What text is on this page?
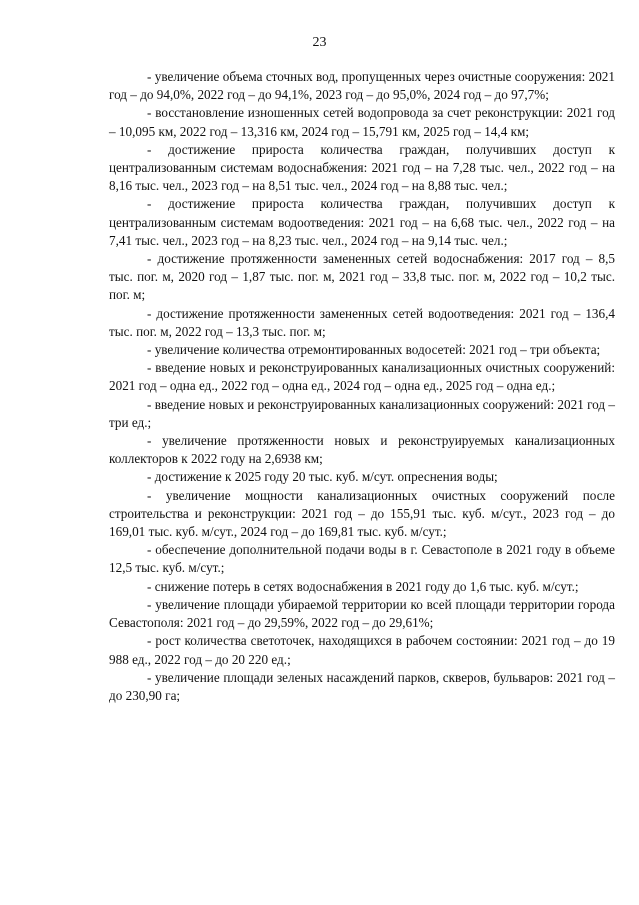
23

- увеличение объема сточных вод, пропущенных через очистные сооружения: 2021 год – до 94,0%, 2022 год – до 94,1%, 2023 год – до 95,0%, 2024 год – до 97,7%;

- восстановление изношенных сетей водопровода за счет реконструкции: 2021 год – 10,095 км, 2022 год – 13,316 км, 2024 год – 15,791 км, 2025 год – 14,4 км;

- достижение прироста количества граждан, получивших доступ к централизованным системам водоснабжения: 2021 год – на 7,28 тыс. чел., 2022 год – на 8,16 тыс. чел., 2023 год – на 8,51 тыс. чел., 2024 год – на 8,88 тыс. чел.;

- достижение прироста количества граждан, получивших доступ к централизованным системам водоотведения: 2021 год – на 6,68 тыс. чел., 2022 год – на 7,41 тыс. чел., 2023 год – на 8,23 тыс. чел., 2024 год – на 9,14 тыс. чел.;

- достижение протяженности замененных сетей водоснабжения: 2017 год – 8,5 тыс. пог. м, 2020 год – 1,87 тыс. пог. м, 2021 год – 33,8 тыс. пог. м, 2022 год – 10,2 тыс. пог. м;

- достижение протяженности замененных сетей водоотведения: 2021 год – 136,4 тыс. пог. м, 2022 год – 13,3 тыс. пог. м;

- увеличение количества отремонтированных водосетей: 2021 год – три объекта;

- введение новых и реконструированных канализационных очистных сооружений: 2021 год – одна ед., 2022 год – одна ед., 2024 год – одна ед., 2025 год – одна ед.;

- введение новых и реконструированных канализационных сооружений: 2021 год – три ед.;

- увеличение протяженности новых и реконструируемых канализационных коллекторов к 2022 году на 2,6938 км;

- достижение к 2025 году 20 тыс. куб. м/сут. опреснения воды;

- увеличение мощности канализационных очистных сооружений после строительства и реконструкции: 2021 год – до 155,91 тыс. куб. м/сут., 2023 год – до 169,01 тыс. куб. м/сут., 2024 год – до 169,81 тыс. куб. м/сут.;

- обеспечение дополнительной подачи воды в г. Севастополе в 2021 году в объеме 12,5 тыс. куб. м/сут.;

- снижение потерь в сетях водоснабжения в 2021 году до 1,6 тыс. куб. м/сут.;

- увеличение площади убираемой территории ко всей площади территории города Севастополя: 2021 год – до 29,59%, 2022 год – до 29,61%;

- рост количества светоточек, находящихся в рабочем состоянии: 2021 год – до 19 988 ед., 2022 год – до 20 220 ед.;

- увеличение площади зеленых насаждений парков, скверов, бульваров: 2021 год – до 230,90 га;
